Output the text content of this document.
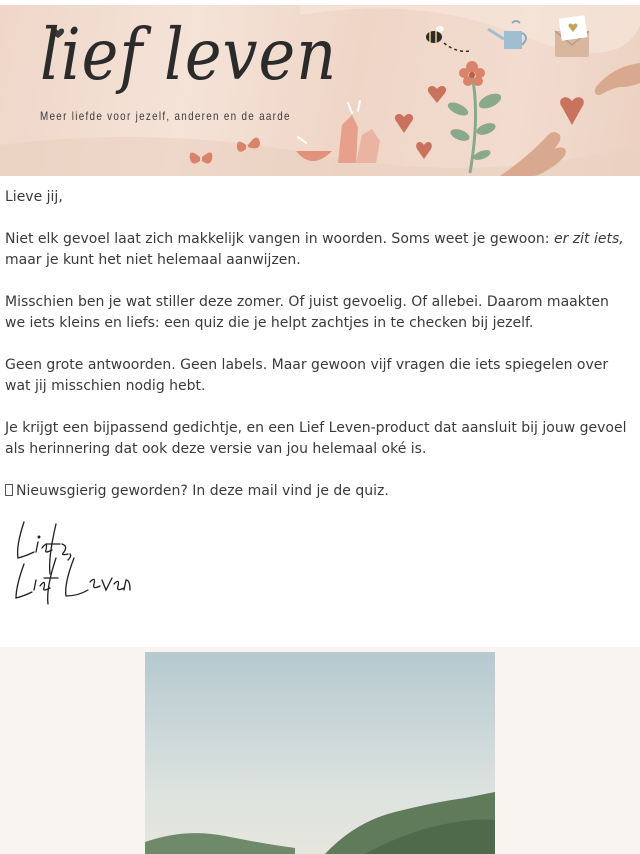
lief leven
Meer liefde voor jezelf, anderen en de aarde

Lieve jij,

Niet elk gevoel laat zich makkelijk vangen in woorden. Soms weet je gewoon: er zit iets, maar je kunt het niet helemaal aanwijzen.

Misschien ben je wat stiller deze zomer. Of juist gevoelig. Of allebei. Daarom maakten we iets kleins en liefs: een quiz die je helpt zachtjes in te checken bij jezelf.

Geen grote antwoorden. Geen labels. Maar gewoon vijf vragen die iets spiegelen over wat jij misschien nodig hebt.

Je krijgt een bijpassend gedichtje, en een Lief Leven-product dat aansluit bij jouw gevoel als herinnering dat ook deze versie van jou helemaal oké is.

Nieuwsgierig geworden? In deze mail vind je de quiz.
